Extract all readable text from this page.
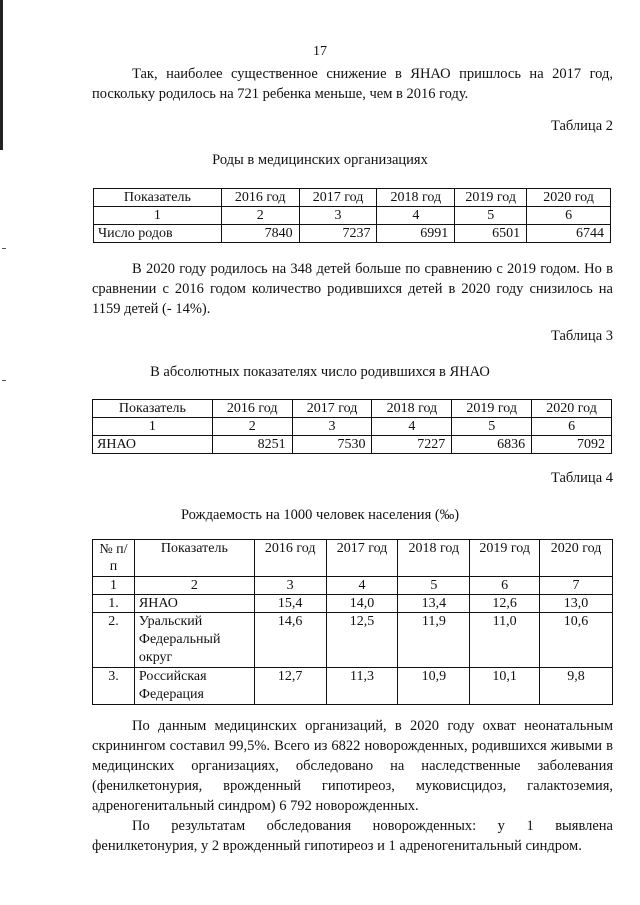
17

Так, наиболее существенное снижение в ЯНАО пришлось на 2017 год, поскольку родилось на 721 ребенка меньше, чем в 2016 году.

Таблица 2
Роды в медицинских организациях
Показатель	2016 год	2017 год	2018 год	2019 год	2020 год
1	2	3	4	5	6
Число родов	7840	7237	6991	6501	6744

В 2020 году родилось на 348 детей больше по сравнению с 2019 годом. Но в сравнении с 2016 годом количество родившихся детей в 2020 году снизилось на 1159 детей (- 14%).

Таблица 3
В абсолютных показателях число родившихся в ЯНАО
Показатель	2016 год	2017 год	2018 год	2019 год	2020 год
1	2	3	4	5	6
ЯНАО	8251	7530	7227	6836	7092
Таблица 4
Рождаемость на 1000 человек населения (‰)
№ п/п	Показатель	2016 год	2017 год	2018 год	2019 год	2020 год
1	2	3	4	5	6	7
1.	ЯНАО	15,4	14,0	13,4	12,6	13,0
2.	Уральский Федеральный округ	14,6	12,5	11,9	11,0	10,6
3.	Российская Федерация	12,7	11,3	10,9	10,1	9,8

По данным медицинских организаций, в 2020 году охват неонатальным скринингом составил 99,5%. Всего из 6822 новорожденных, родившихся живыми в медицинских организациях, обследовано на наследственные заболевания (фенилкетонурия, врожденный гипотиреоз, муковисцидоз, галактоземия, адреногенитальный синдром) 6 792 новорожденных.

По результатам обследования новорожденных: у 1 выявлена фенилкетонурия, у 2 врожденный гипотиреоз и 1 адреногенитальный синдром.
